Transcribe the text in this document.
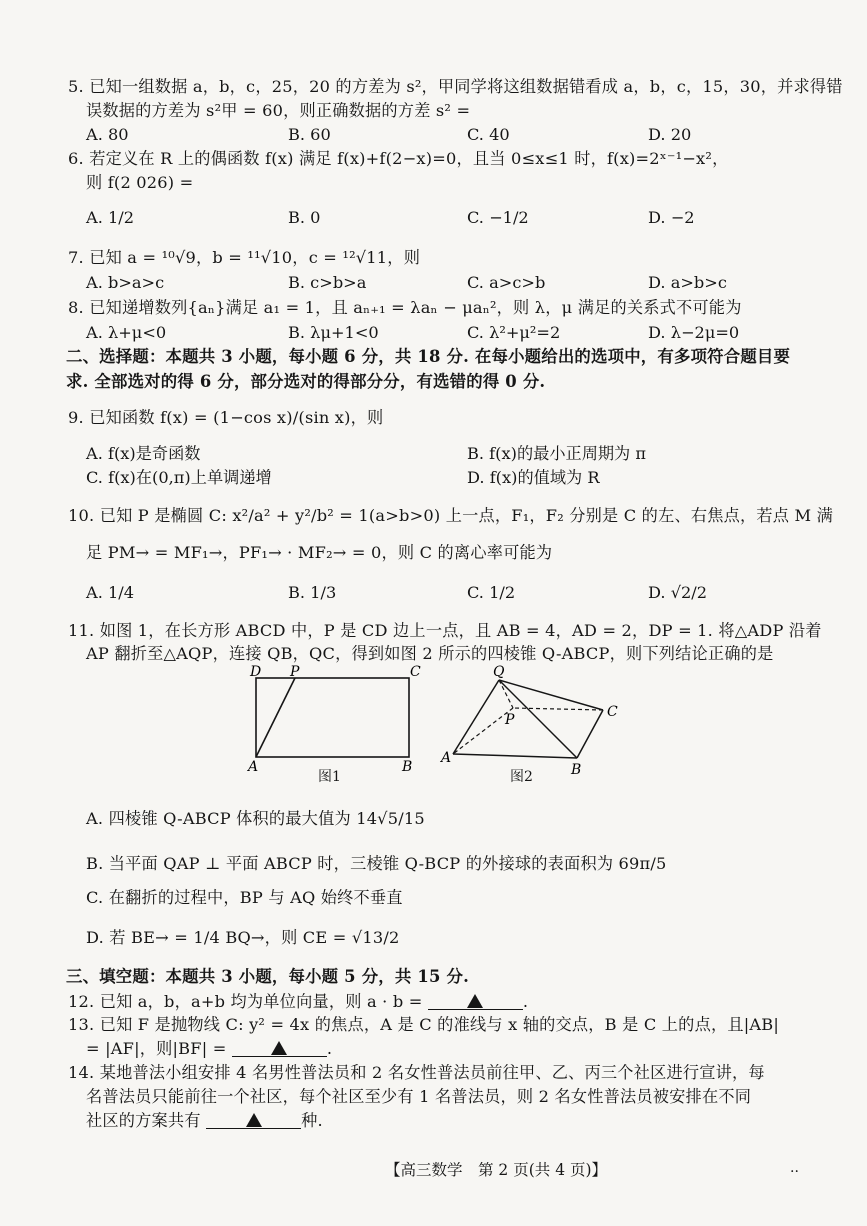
5. 已知一组数据 a，b，c，25，20 的方差为 s²，甲同学将这组数据错看成 a，b，c，15，30，并求得错
误数据的方差为 s²甲 = 60，则正确数据的方差 s² =
A. 80	B. 60	C. 40	D. 20
6. 若定义在 R 上的偶函数 f(x) 满足 f(x)+f(2−x)=0，且当 0≤x≤1 时，f(x)=2ˣ⁻¹−x²，
则 f(2 026) =
A. 1/2	B. 0	C. −1/2	D. −2
7. 已知 a = ¹⁰√9，b = ¹¹√10，c = ¹²√11，则
A. b>a>c	B. c>b>a	C. a>c>b	D. a>b>c
8. 已知递增数列{aₙ}满足 a₁ = 1，且 aₙ₊₁ = λaₙ − μaₙ²，则 λ，μ 满足的关系式不可能为
A. λ+μ<0	B. λμ+1<0	C. λ²+μ²=2	D. λ−2μ=0
二、选择题：本题共 3 小题，每小题 6 分，共 18 分. 在每小题给出的选项中，有多项符合题目要
求. 全部选对的得 6 分，部分选对的得部分分，有选错的得 0 分.
9. 已知函数 f(x) = (1−cos x)/(sin x)，则
A. f(x)是奇函数	B. f(x)的最小正周期为 π
C. f(x)在(0,π)上单调递增	D. f(x)的值域为 R
10. 已知 P 是椭圆 C: x²/a² + y²/b² = 1(a>b>0) 上一点，F₁，F₂ 分别是 C 的左、右焦点，若点 M 满
足 PM→ = MF₁→，PF₁→ · MF₂→ = 0，则 C 的离心率可能为
A. 1/4	B. 1/3	C. 1/2	D. √2/2
11. 如图 1，在长方形 ABCD 中，P 是 CD 边上一点，且 AB = 4，AD = 2，DP = 1. 将△ADP 沿着
AP 翻折至△AQP，连接 QB，QC，得到如图 2 所示的四棱锥 Q-ABCP，则下列结论正确的是
D P	C
A	B
图1
Q
P	C
A
B
图2
A. 四棱锥 Q-ABCP 体积的最大值为 14√5/15
B. 当平面 QAP ⊥ 平面 ABCP 时，三棱锥 Q-BCP 的外接球的表面积为 69π/5
C. 在翻折的过程中，BP 与 AQ 始终不垂直
D. 若 BE→ = 1/4 BQ→，则 CE = √13/2
三、填空题：本题共 3 小题，每小题 5 分，共 15 分.
12. 已知 a，b，a+b 均为单位向量，则 a · b =	.
13. 已知 F 是抛物线 C: y² = 4x 的焦点，A 是 C 的准线与 x 轴的交点，B 是 C 上的点，且|AB|
= |AF|，则|BF| =	.
14. 某地普法小组安排 4 名男性普法员和 2 名女性普法员前往甲、乙、丙三个社区进行宣讲，每
名普法员只能前往一个社区，每个社区至少有 1 名普法员，则 2 名女性普法员被安排在不同
社区的方案共有	种.
【高三数学　第 2 页(共 4 页)】	..
